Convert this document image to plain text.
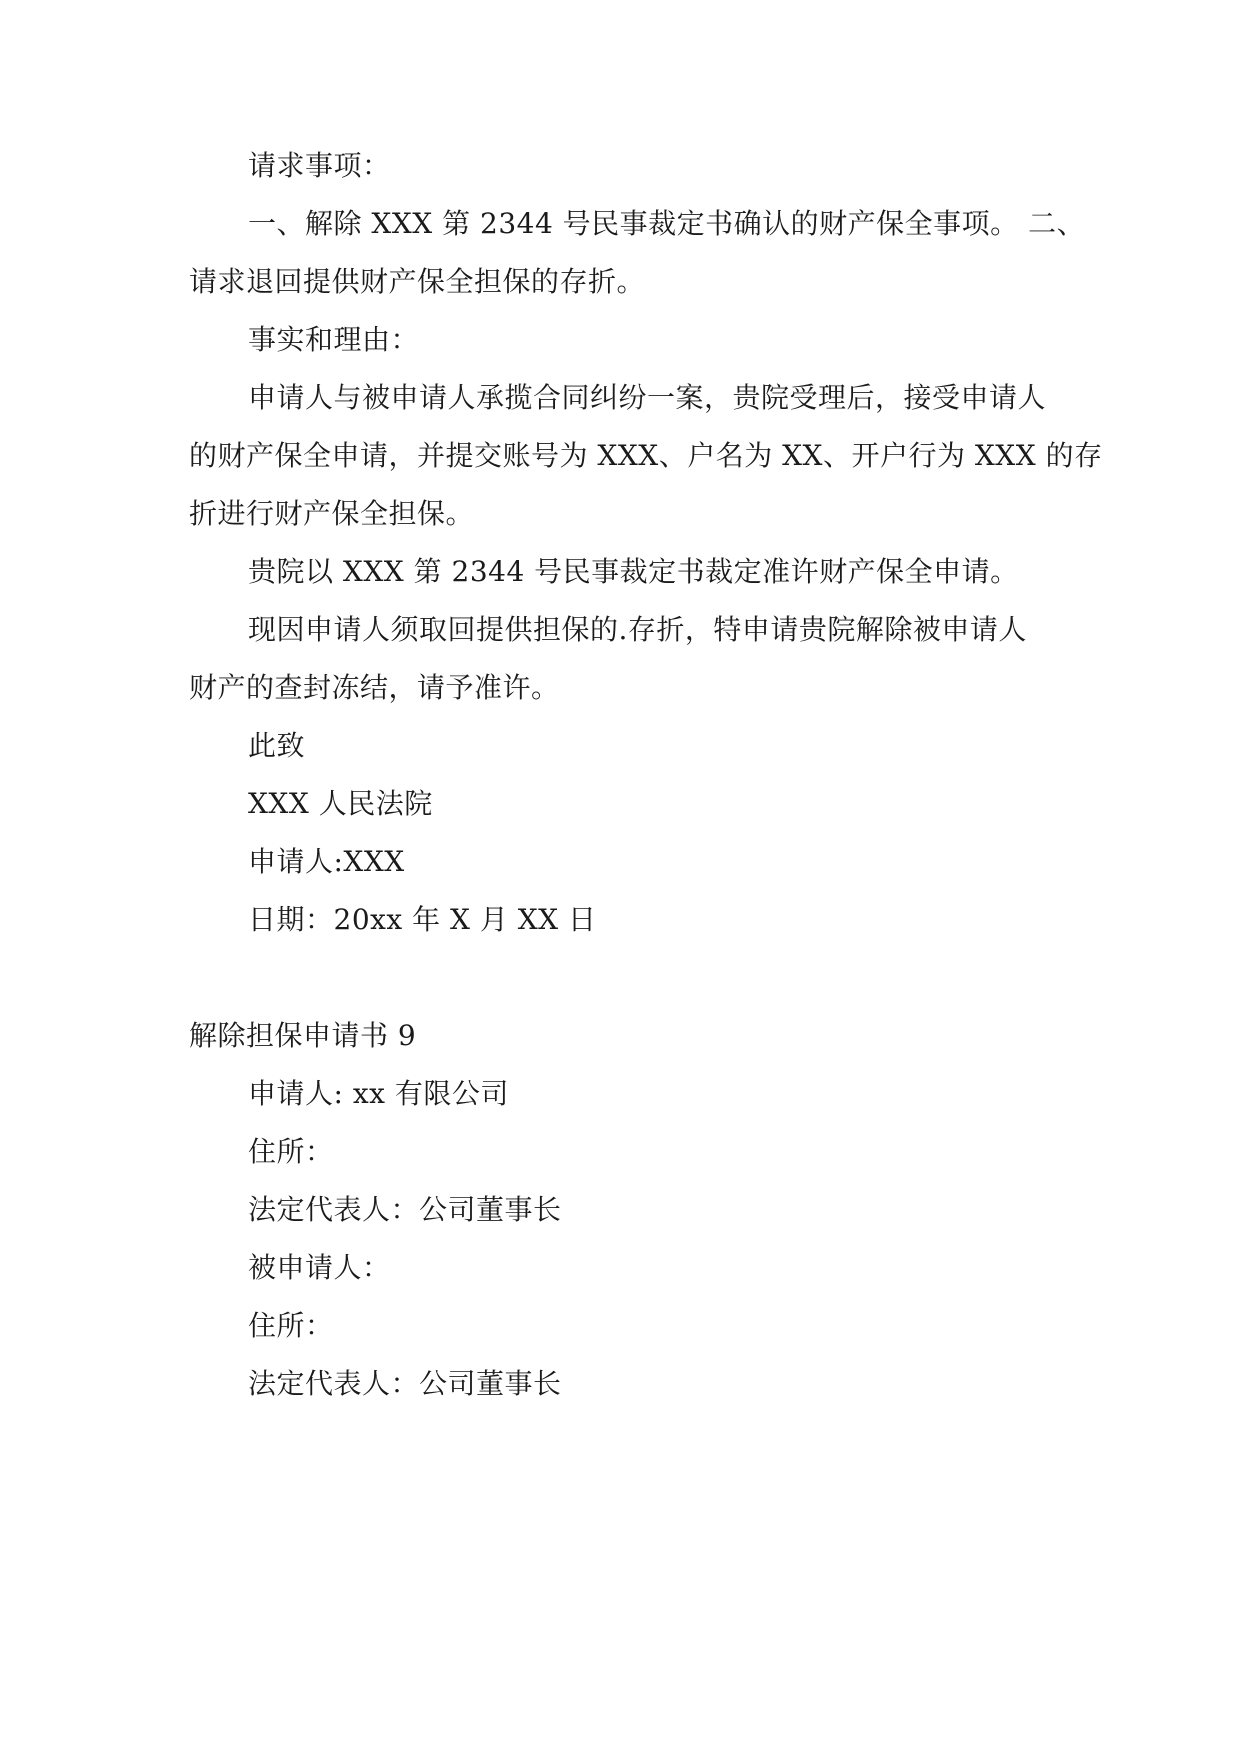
请求事项：
一、解除 XXX 第 2344 号民事裁定书确认的财产保全事项。 二、
请求退回提供财产保全担保的存折。
事实和理由：
申请人与被申请人承揽合同纠纷一案，贵院受理后，接受申请人
的财产保全申请，并提交账号为 XXX、户名为 XX、开户行为 XXX 的存
折进行财产保全担保。
贵院以 XXX 第 2344 号民事裁定书裁定准许财产保全申请。
现因申请人须取回提供担保的.存折，特申请贵院解除被申请人
财产的查封冻结，请予准许。
此致
XXX 人民法院
申请人:XXX
日期：20xx 年 X 月 XX 日
解除担保申请书 9
申请人: xx 有限公司
住所：
法定代表人：公司董事长
被申请人：
住所：
法定代表人：公司董事长
